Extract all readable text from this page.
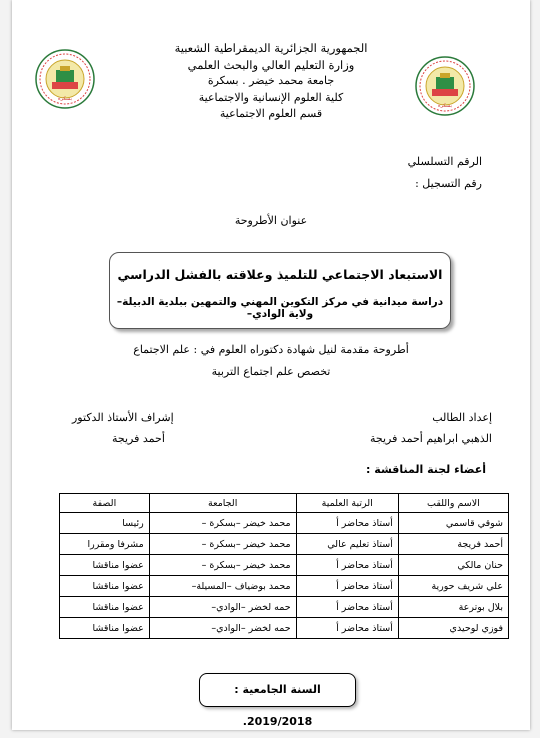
بسكرة
بسكرة
الجمهورية الجزائرية الديمقراطية الشعبية
وزارة التعليم العالي والبحث العلمي
جامعة محمد خيضر . بسكرة
كلية العلوم الإنسانية والاجتماعية
قسم العلوم الاجتماعية
الرقم التسلسلي
رقم التسجيل :
عنوان الأطروحة
الاستبعاد الاجتماعي للتلميذ وعلاقته بالفشل الدراسي
دراسة ميدانية في مركز التكوين المهني والتمهين ببلدية الدبيلة–ولاية الوادي–
أطروحة مقدمة لنيل شهادة دكتوراه العلوم في : علم الاجتماع
تخصص علم اجتماع التربية
إعداد الطالب
إشراف الأستاذ الدكتور
الذهبي ابراهيم أحمد فريجة
أحمد فريجة
أعضاء لجنة المناقشة :
الاسم واللقب	الرتبة العلمية	الجامعة	الصفة
شوقي قاسمي	أستاذ محاضر أ	محمد خيضر –بسكرة –	رئيسا
أحمد فريجة	أستاذ تعليم عالي	محمد خيضر –بسكرة –	مشرفا ومقررا
حنان مالكي	أستاذ محاضر أ	محمد خيضر –بسكرة –	عضوا مناقشا
علي شريف حورية	أستاذ محاضر أ	محمد بوضياف –المسيلة–	عضوا مناقشا
بلال بوترعة	أستاذ محاضر أ	حمه لخضر –الوادي–	عضوا مناقشا
فوزي لوحيدي	أستاذ محاضر أ	حمه لخضر –الوادي–	عضوا مناقشا
السنة الجامعية : 2019/2018.
